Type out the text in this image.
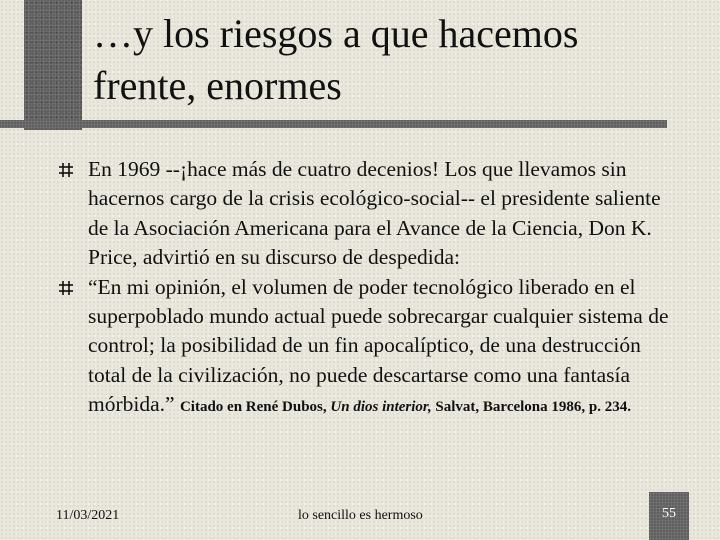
…y los riesgos a que hacemos
frente, enormes
En 1969 --¡hace más de cuatro decenios! Los que llevamos sin hacernos cargo de la crisis ecológico-social-- el presidente saliente de la Asociación Americana para el Avance de la Ciencia, Don K. Price, advirtió en su discurso de despedida:
“En mi opinión, el volumen de poder tecnológico liberado en el superpoblado mundo actual puede sobrecargar cualquier sistema de control; la posibilidad de un fin apocalíptico, de una destrucción total de la civilización, no puede descartarse como una fantasía mórbida.” Citado en René Dubos, Un dios interior, Salvat, Barcelona 1986, p. 234.
11/03/2021	lo sencillo es hermoso	55
